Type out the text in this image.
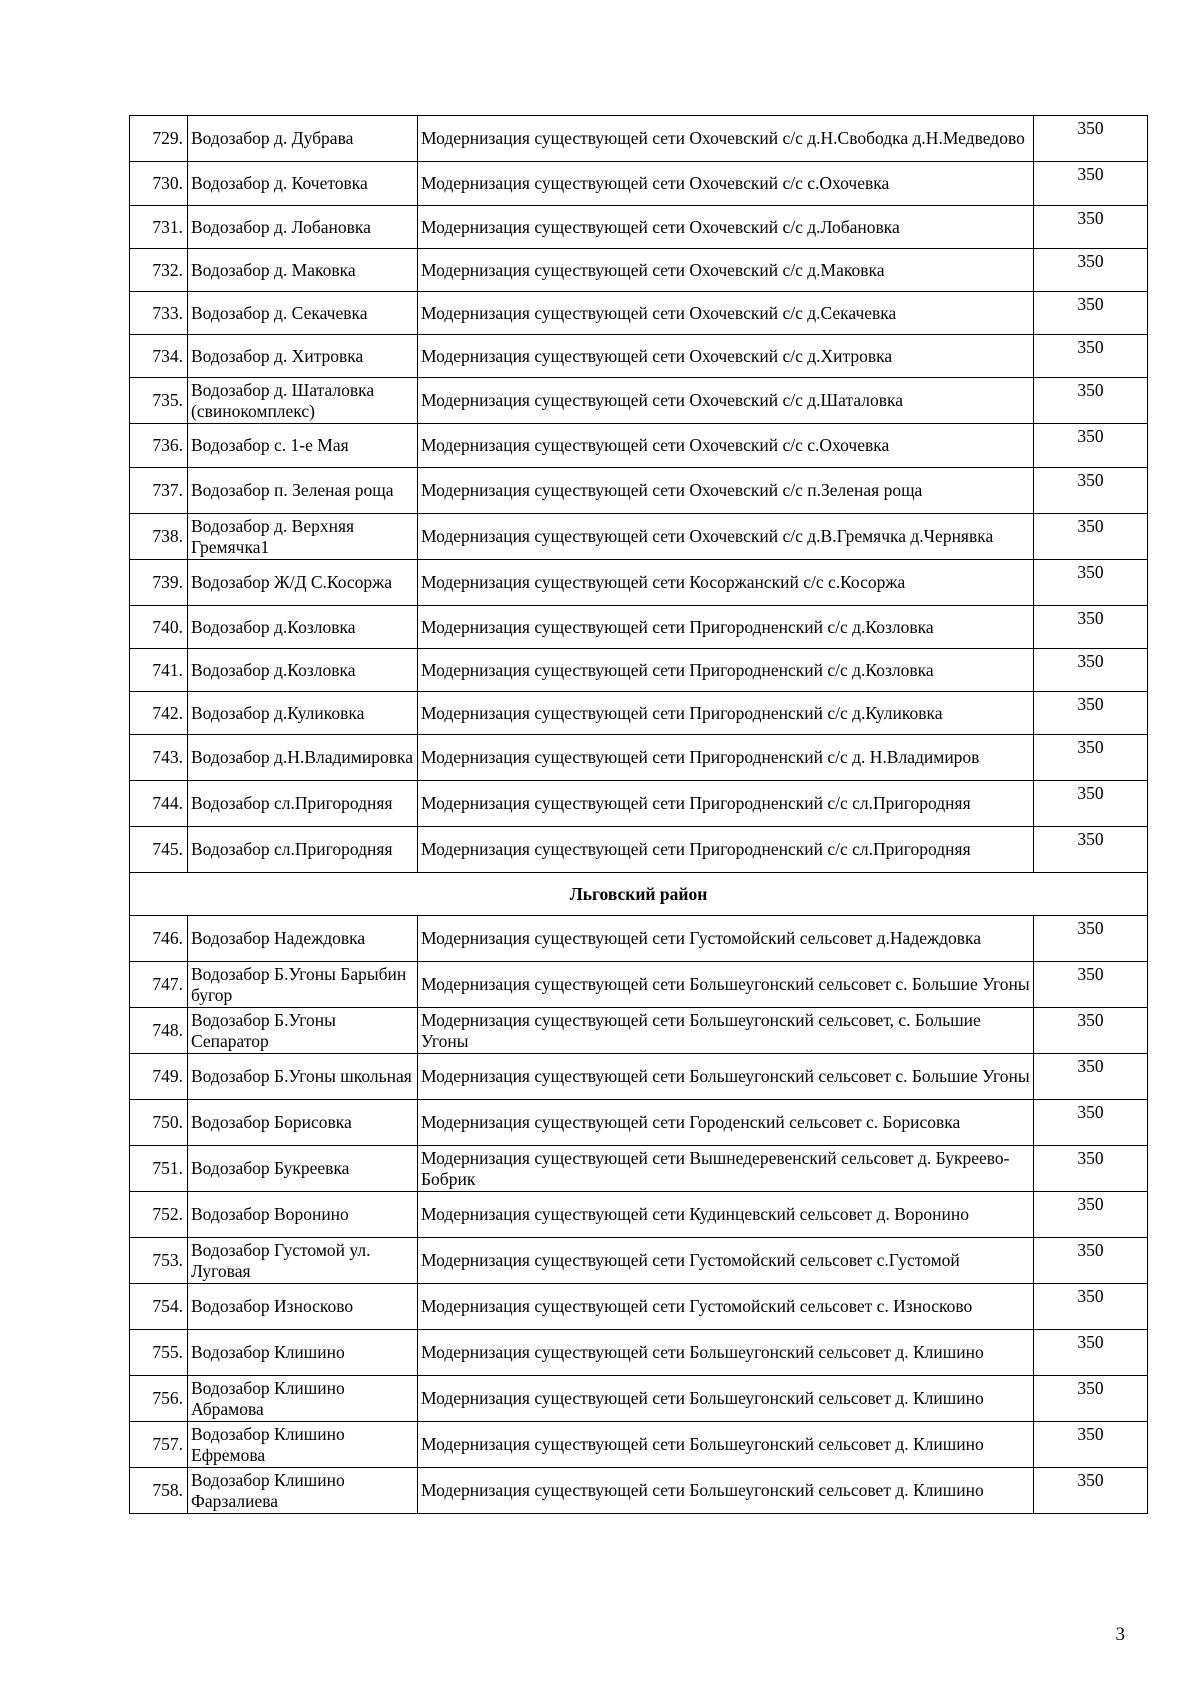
729.	Водозабор д. Дубрава	Модернизация существующей сети Охочевский с/с д.Н.Свободка д.Н.Медведово	350
730.	Водозабор д. Кочетовка	Модернизация существующей сети Охочевский с/с с.Охочевка	350
731.	Водозабор д. Лобановка	Модернизация существующей сети Охочевский с/с д.Лобановка	350
732.	Водозабор д. Маковка	Модернизация существующей сети Охочевский с/с д.Маковка	350
733.	Водозабор д. Секачевка	Модернизация существующей сети Охочевский с/с д.Секачевка	350
734.	Водозабор д. Хитровка	Модернизация существующей сети Охочевский с/с д.Хитровка	350
735.	Водозабор д. Шаталовка (свинокомплекс)	Модернизация существующей сети Охочевский с/с д.Шаталовка	350
736.	Водозабор с. 1-е Мая	Модернизация существующей сети Охочевский с/с с.Охочевка	350
737.	Водозабор п. Зеленая роща	Модернизация существующей сети Охочевский с/с п.Зеленая роща	350
738.	Водозабор д. Верхняя Гремячка1	Модернизация существующей сети Охочевский с/с д.В.Гремячка д.Чернявка	350
739.	Водозабор Ж/Д С.Косоржа	Модернизация существующей сети Косоржанский с/с с.Косоржа	350
740.	Водозабор д.Козловка	Модернизация существующей сети Пригородненский с/с д.Козловка	350
741.	Водозабор д.Козловка	Модернизация существующей сети Пригородненский с/с д.Козловка	350
742.	Водозабор д.Куликовка	Модернизация существующей сети Пригородненский с/с д.Куликовка	350
743.	Водозабор д.Н.Владимировка	Модернизация существующей сети Пригородненский с/с д. Н.Владимиров	350
744.	Водозабор сл.Пригородняя	Модернизация существующей сети Пригородненский с/с сл.Пригородняя	350
745.	Водозабор сл.Пригородняя	Модернизация существующей сети Пригородненский с/с сл.Пригородняя	350
Льговский район			
746.	Водозабор Надеждовка	Модернизация существующей сети Густомойский сельсовет д.Надеждовка	350
747.	Водозабор Б.Угоны Барыбин бугор	Модернизация существующей сети Большеугонский сельсовет с. Большие Угоны	350
748.	Водозабор Б.Угоны Сепаратор	Модернизация существующей сети Большеугонский сельсовет, с. Большие Угоны	350
749.	Водозабор Б.Угоны школьная	Модернизация существующей сети Большеугонский сельсовет с. Большие Угоны	350
750.	Водозабор Борисовка	Модернизация существующей сети Городенский сельсовет с. Борисовка	350
751.	Водозабор Букреевка	Модернизация существующей сети Вышнедеревенский сельсовет д. Букреево-Бобрик	350
752.	Водозабор Воронино	Модернизация существующей сети Кудинцевский сельсовет д. Воронино	350
753.	Водозабор Густомой ул. Луговая	Модернизация существующей сети Густомойский сельсовет с.Густомой	350
754.	Водозабор Износково	Модернизация существующей сети Густомойский сельсовет с. Износково	350
755.	Водозабор Клишино	Модернизация существующей сети Большеугонский сельсовет д. Клишино	350
756.	Водозабор Клишино Абрамова	Модернизация существующей сети Большеугонский сельсовет д. Клишино	350
757.	Водозабор Клишино Ефремова	Модернизация существующей сети Большеугонский сельсовет д. Клишино	350
758.	Водозабор Клишино Фарзалиева	Модернизация существующей сети Большеугонский сельсовет д. Клишино	350
3
